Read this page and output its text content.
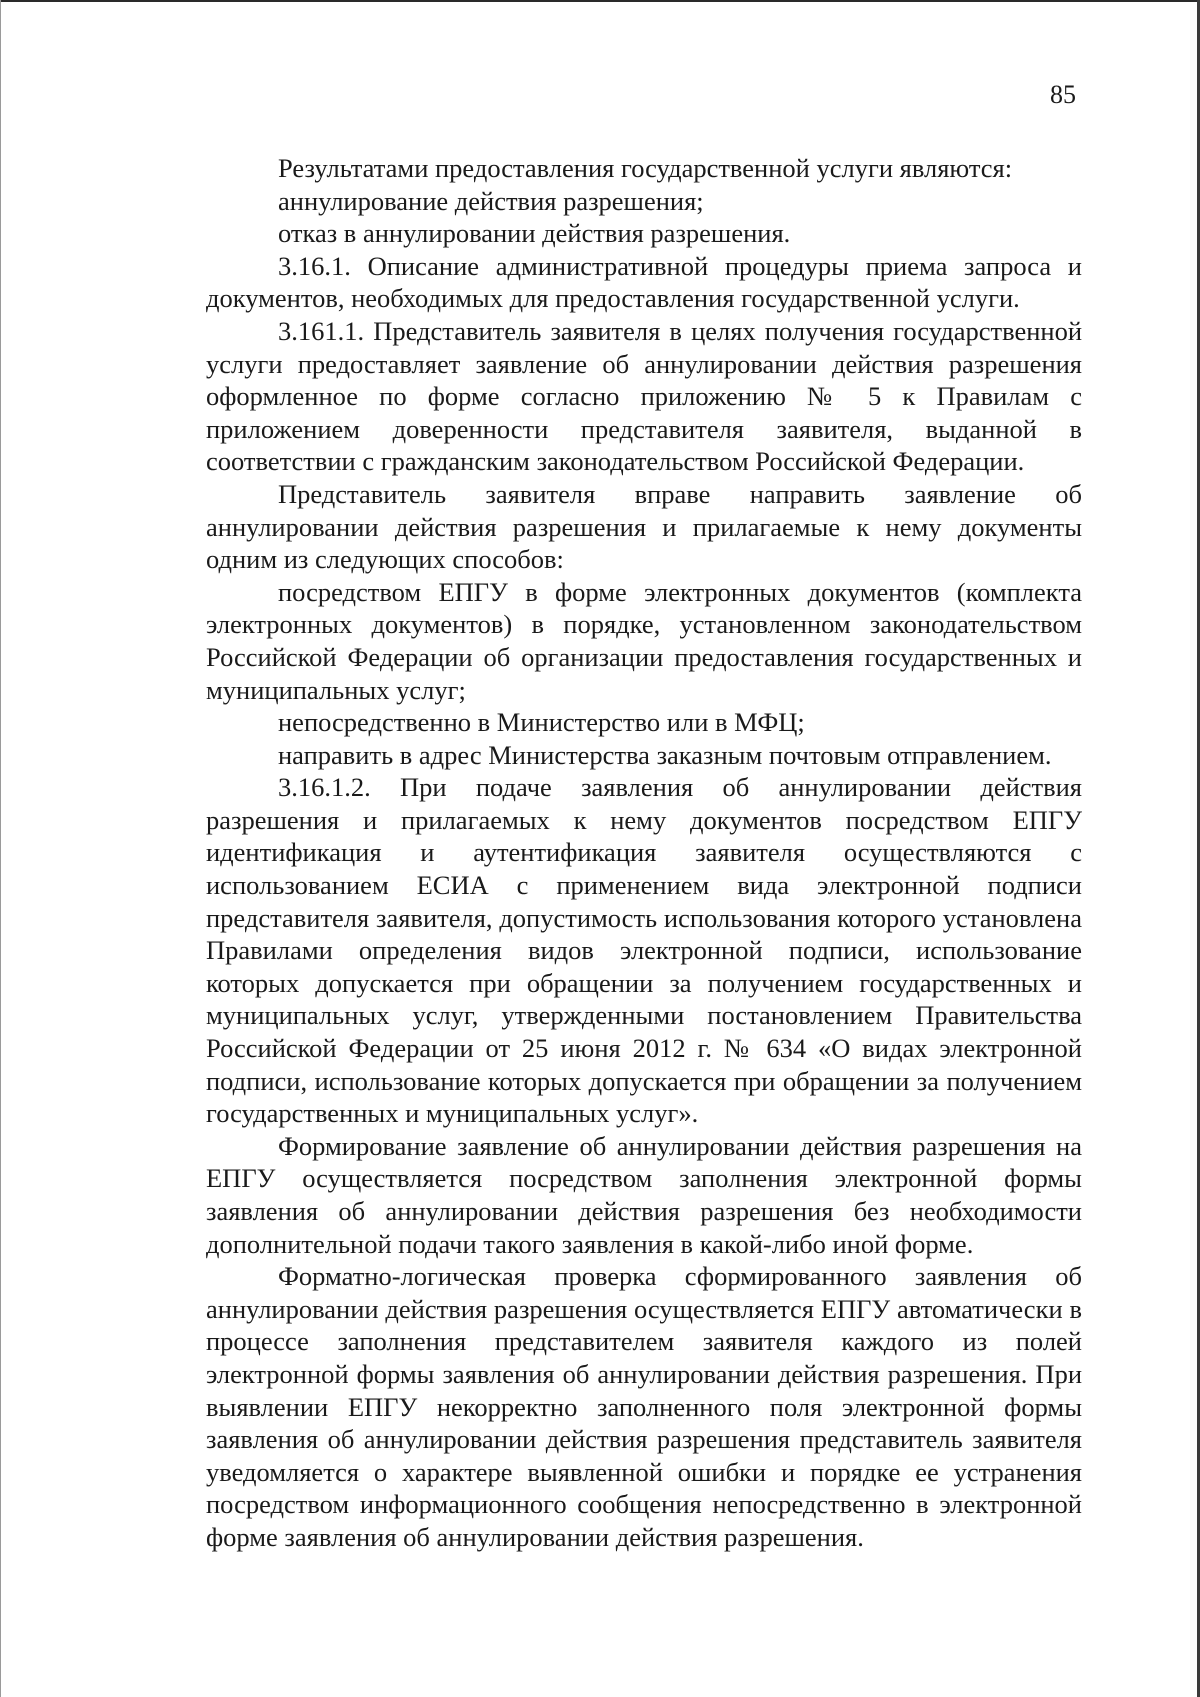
85

Результатами предоставления государственной услуги являются:

аннулирование действия разрешения;

отказ в аннулировании действия разрешения.

3.16.1. Описание административной процедуры приема запроса и документов, необходимых для предоставления государственной услуги.

3.161.1. Представитель заявителя в целях получения государственной услуги предоставляет заявление об аннулировании действия разрешения оформленное по форме согласно приложению № 5 к Правилам с приложением доверенности представителя заявителя, выданной в соответствии с гражданским законодательством Российской Федерации.

Представитель заявителя вправе направить заявление об аннулировании действия разрешения и прилагаемые к нему документы одним из следующих способов:

посредством ЕПГУ в форме электронных документов (комплекта электронных документов) в порядке, установленном законодательством Российской Федерации об организации предоставления государственных и муниципальных услуг;

непосредственно в Министерство или в МФЦ;

направить в адрес Министерства заказным почтовым отправлением.

3.16.1.2. При подаче заявления об аннулировании действия разрешения и прилагаемых к нему документов посредством ЕПГУ идентификация и аутентификация заявителя осуществляются с использованием ЕСИА с применением вида электронной подписи представителя заявителя, допустимость использования которого установлена Правилами определения видов электронной подписи, использование которых допускается при обращении за получением государственных и муниципальных услуг, утвержденными постановлением Правительства Российской Федерации от 25 июня 2012 г. № 634 «О видах электронной подписи, использование которых допускается при обращении за получением государственных и муниципальных услуг».

Формирование заявление об аннулировании действия разрешения на ЕПГУ осуществляется посредством заполнения электронной формы заявления об аннулировании действия разрешения без необходимости дополнительной подачи такого заявления в какой-либо иной форме.

Форматно-логическая проверка сформированного заявления об аннулировании действия разрешения осуществляется ЕПГУ автоматически в процессе заполнения представителем заявителя каждого из полей электронной формы заявления об аннулировании действия разрешения. При выявлении ЕПГУ некорректно заполненного поля электронной формы заявления об аннулировании действия разрешения представитель заявителя уведомляется о характере выявленной ошибки и порядке ее устранения посредством информационного сообщения непосредственно в электронной форме заявления об аннулировании действия разрешения.
